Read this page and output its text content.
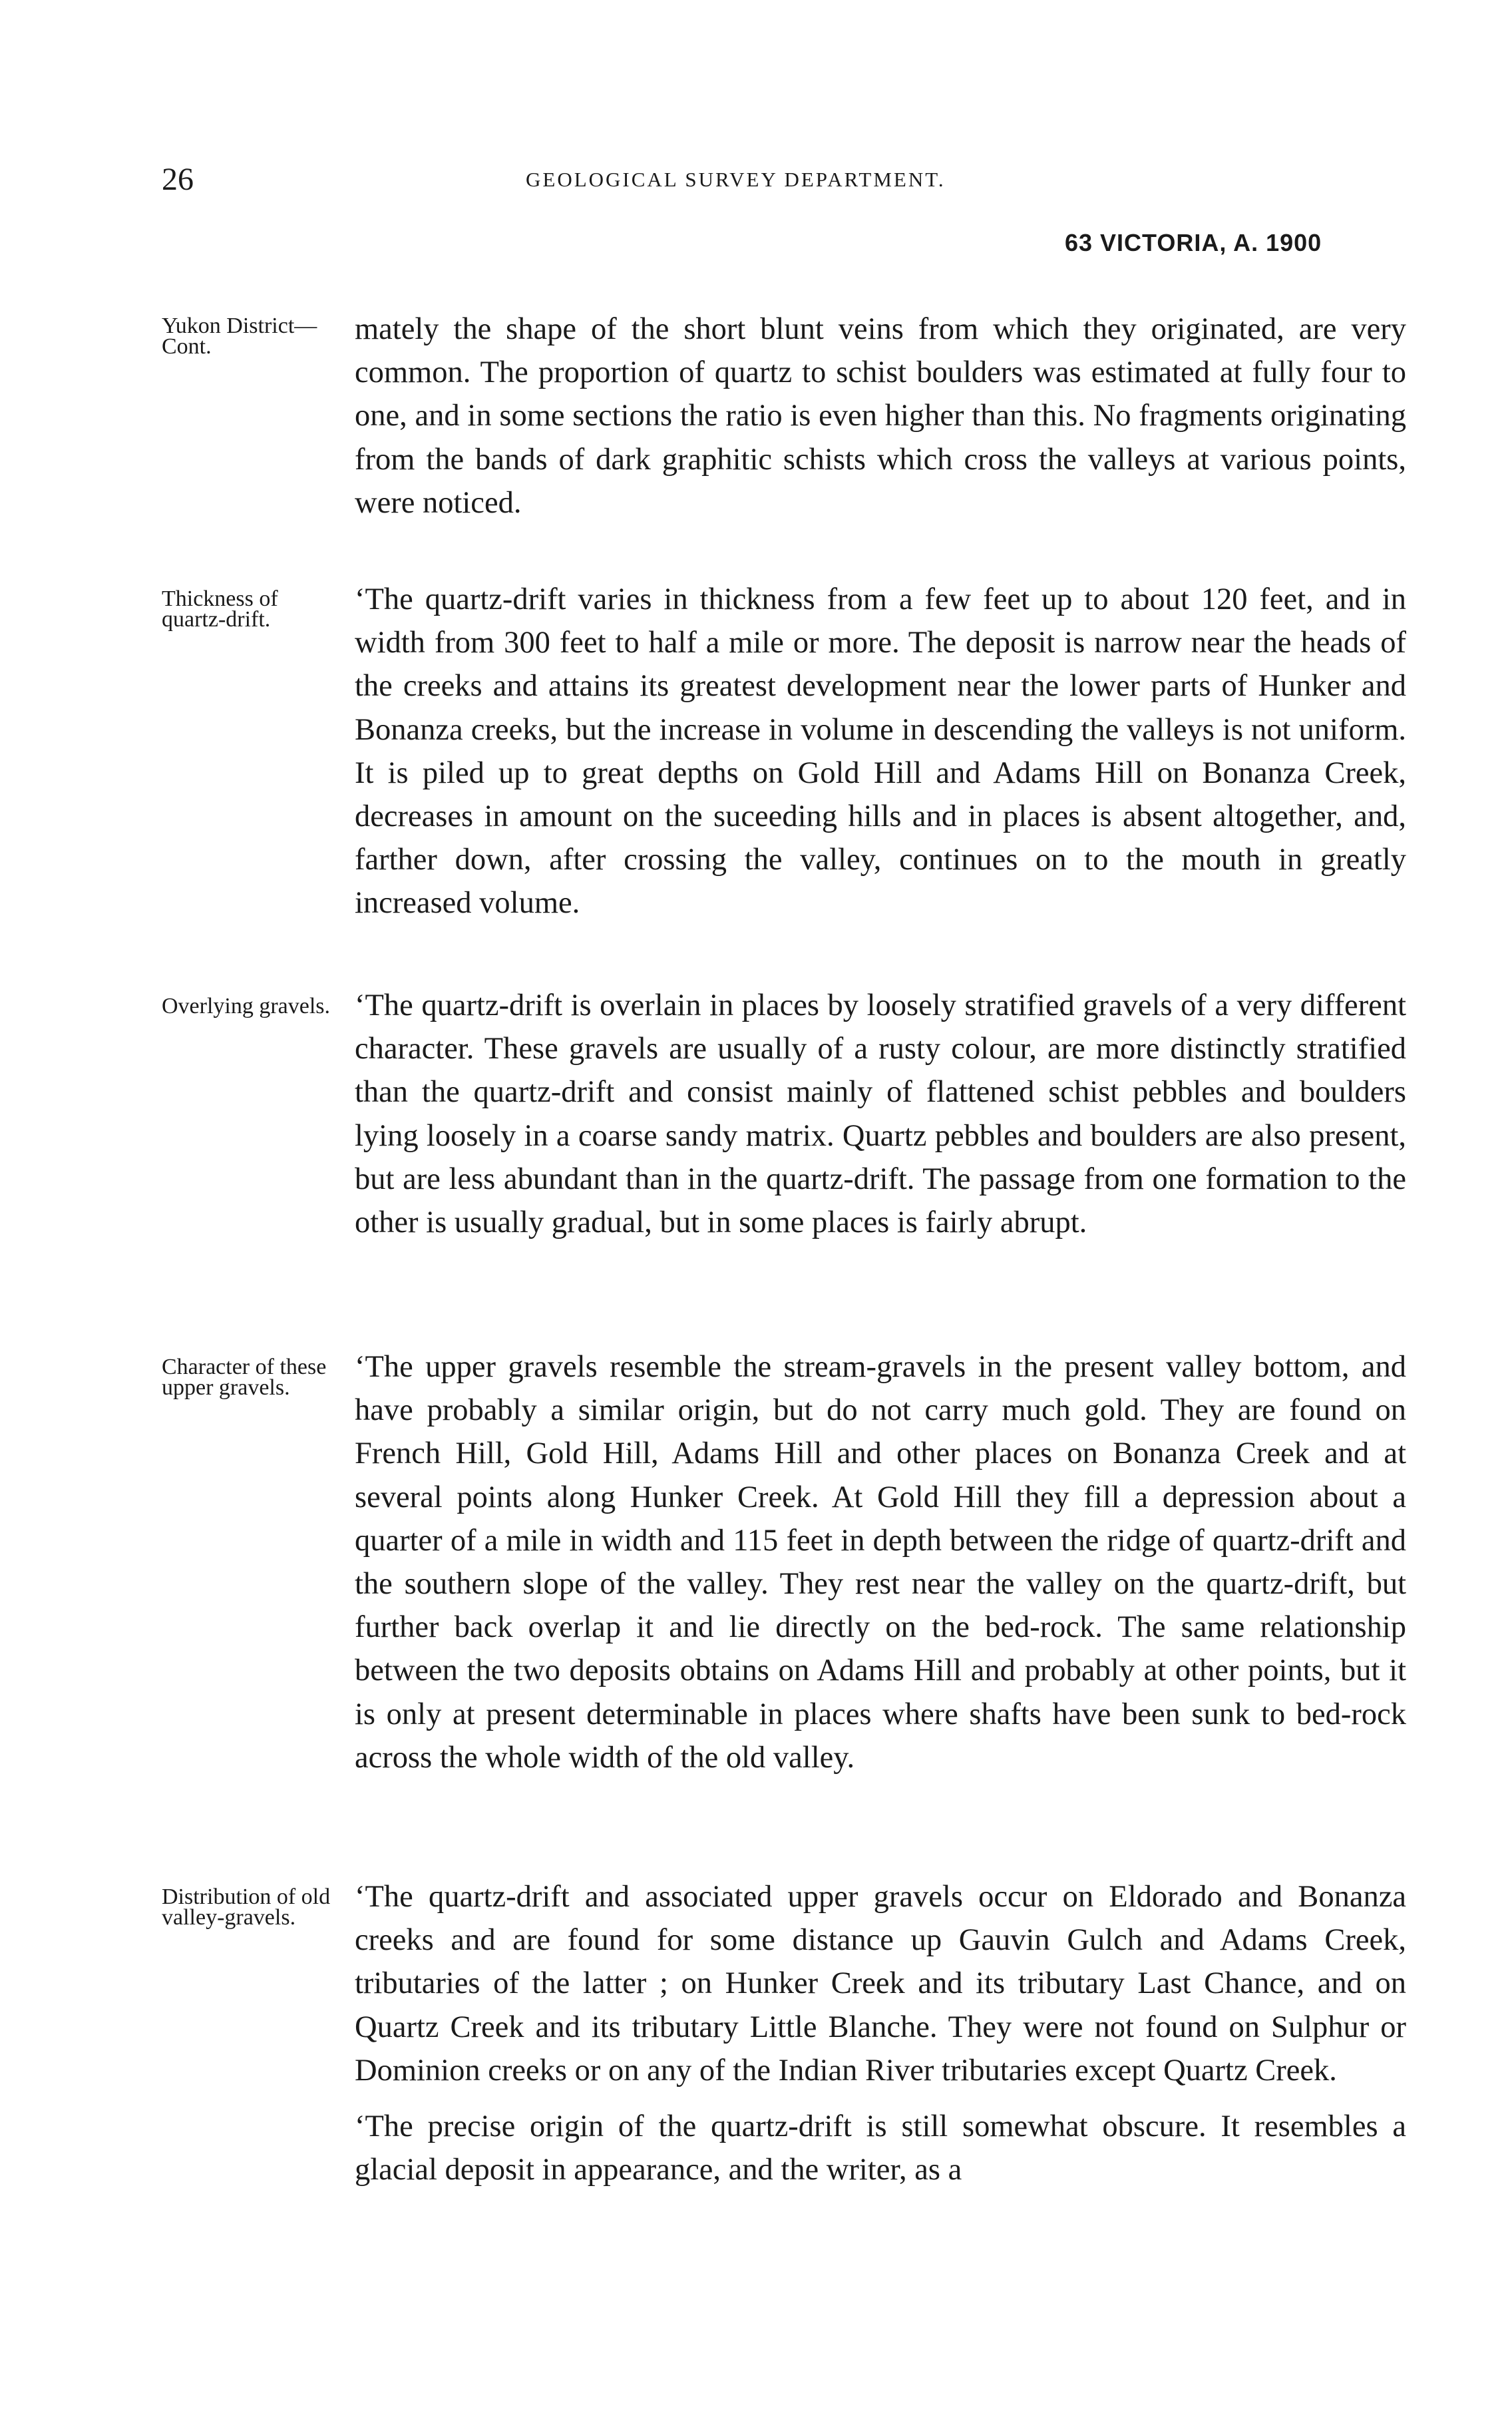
26	GEOLOGICAL SURVEY DEPARTMENT.
63 VICTORIA, A. 1900
Yukon District—Cont.
Thickness of quartz-drift.
Overlying gravels.
Character of these upper gravels.
Distribution of old valley-gravels.
mately the shape of the short blunt veins from which they originated, are very common. The proportion of quartz to schist boulders was estimated at fully four to one, and in some sections the ratio is even higher than this. No fragments originating from the bands of dark graphitic schists which cross the valleys at various points, were noticed.
‘The quartz-drift varies in thickness from a few feet up to about 120 feet, and in width from 300 feet to half a mile or more. The deposit is narrow near the heads of the creeks and attains its greatest development near the lower parts of Hunker and Bonanza creeks, but the increase in volume in descending the valleys is not uniform. It is piled up to great depths on Gold Hill and Adams Hill on Bonanza Creek, decreases in amount on the suceeding hills and in places is absent altogether, and, farther down, after crossing the valley, continues on to the mouth in greatly increased volume.
‘The quartz-drift is overlain in places by loosely stratified gravels of a very different character. These gravels are usually of a rusty colour, are more distinctly stratified than the quartz-drift and consist mainly of flattened schist pebbles and boulders lying loosely in a coarse sandy matrix. Quartz pebbles and boulders are also present, but are less abundant than in the quartz-drift. The passage from one formation to the other is usually gradual, but in some places is fairly abrupt.
‘The upper gravels resemble the stream-gravels in the present valley bottom, and have probably a similar origin, but do not carry much gold. They are found on French Hill, Gold Hill, Adams Hill and other places on Bonanza Creek and at several points along Hunker Creek. At Gold Hill they fill a depression about a quarter of a mile in width and 115 feet in depth between the ridge of quartz-drift and the southern slope of the valley. They rest near the valley on the quartz-drift, but further back overlap it and lie directly on the bed-rock. The same relationship between the two deposits obtains on Adams Hill and probably at other points, but it is only at present determinable in places where shafts have been sunk to bed-rock across the whole width of the old valley.
‘The quartz-drift and associated upper gravels occur on Eldorado and Bonanza creeks and are found for some distance up Gauvin Gulch and Adams Creek, tributaries of the latter ; on Hunker Creek and its tributary Last Chance, and on Quartz Creek and its tributary Little Blanche. They were not found on Sulphur or Dominion creeks or on any of the Indian River tributaries except Quartz Creek.
‘The precise origin of the quartz-drift is still somewhat obscure. It resembles a glacial deposit in appearance, and the writer, as a
